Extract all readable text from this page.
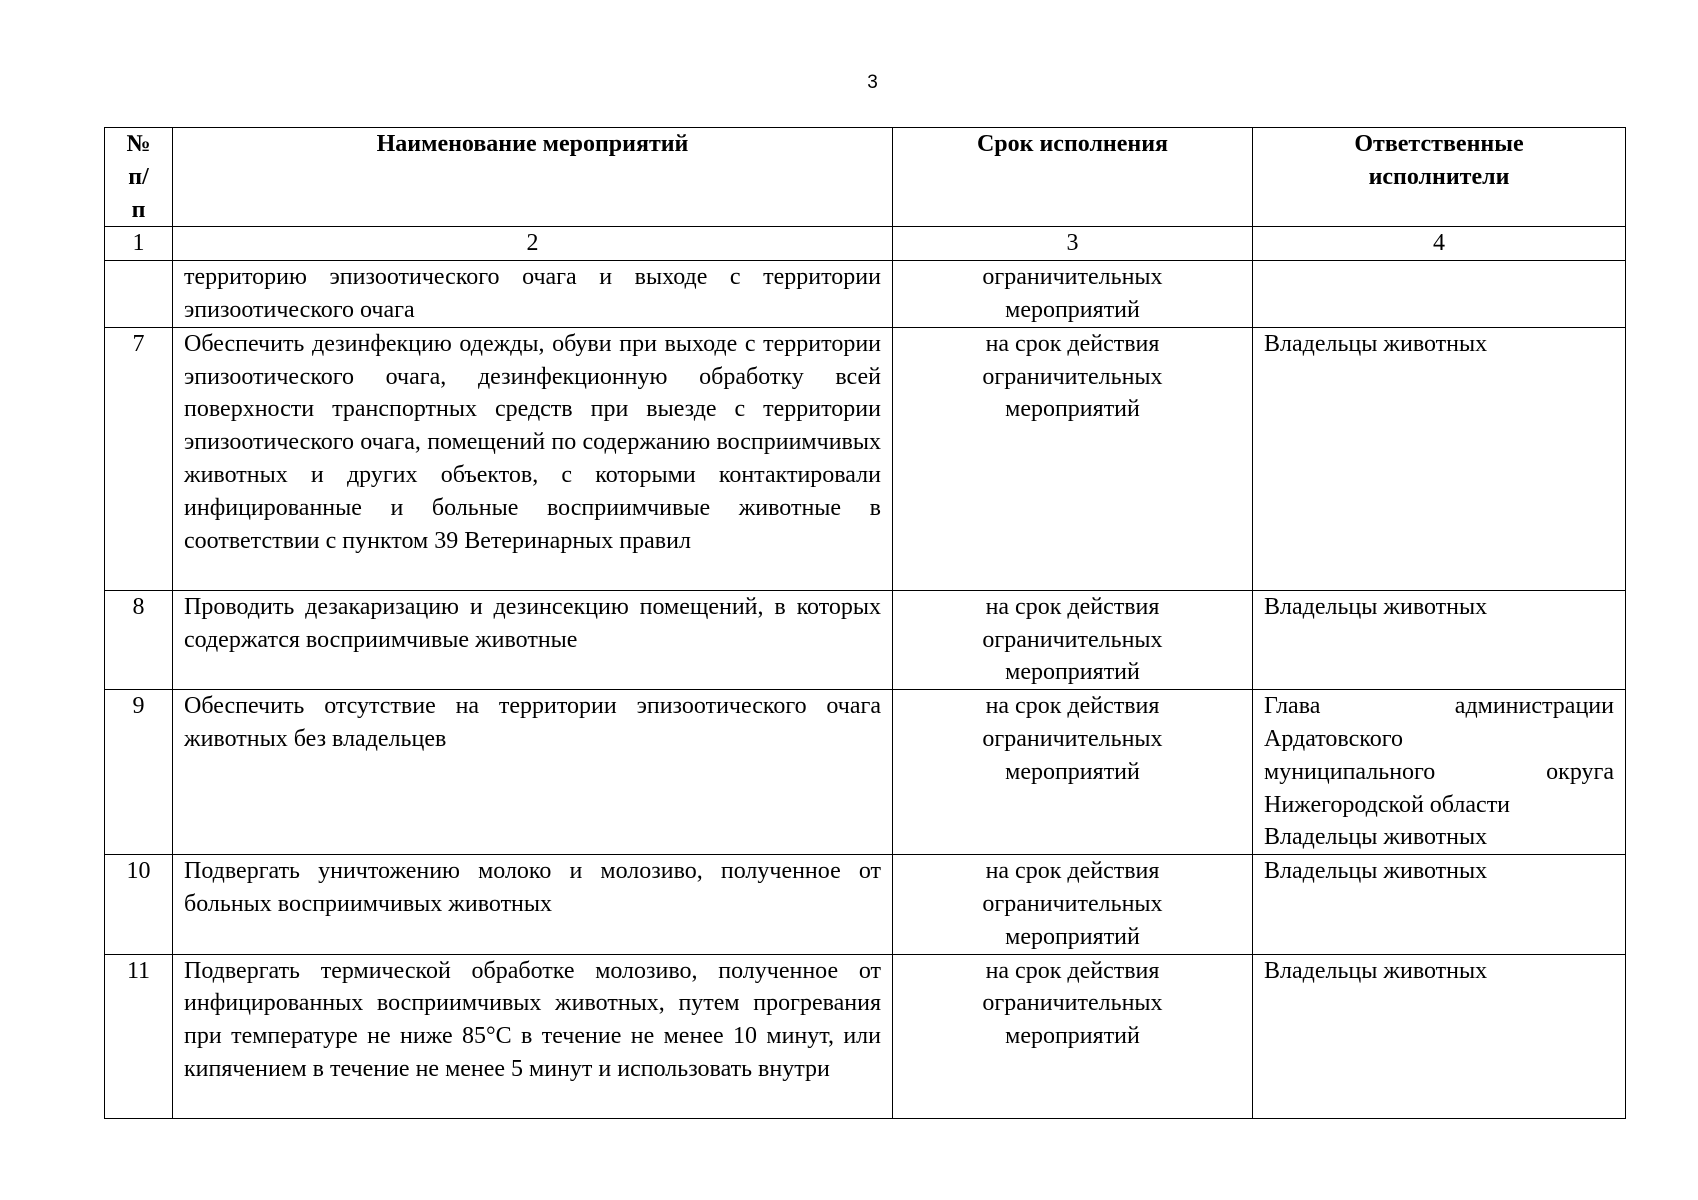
3
№ п/п	Наименование мероприятий	Срок исполнения	Ответственные исполнители
1	2	3	4
	территорию эпизоотического очага и выходе с территории эпизоотического очага	ограничительных мероприятий	
7	Обеспечить дезинфекцию одежды, обуви при выходе с территории эпизоотического очага, дезинфекционную обработку всей поверхности транспортных средств при выезде с территории эпизоотического очага, помещений по содержанию восприимчивых животных и других объектов, с которыми контактировали инфицированные и больные восприимчивые животные в соответствии с пунктом 39 Ветеринарных правил	на срок действия ограничительных мероприятий	Владельцы животных
8	Проводить дезакаризацию и дезинсекцию помещений, в которых содержатся восприимчивые животные	на срок действия ограничительных мероприятий	Владельцы животных
9	Обеспечить отсутствие на территории эпизоотического очага животных без владельцев	на срок действия ограничительных мероприятий	Глава администрации
Ардатовского
муниципального округа
Нижегородской области
Владельцы животных

10	Подвергать уничтожению молоко и молозиво, полученное от больных восприимчивых животных	на срок действия ограничительных мероприятий	Владельцы животных
11	Подвергать термической обработке молозиво, полученное от инфицированных восприимчивых животных, путем прогревания при температуре не ниже 85°C в течение не менее 10 минут, или кипячением в течение не менее 5 минут и использовать внутри	на срок действия ограничительных мероприятий	Владельцы животных
